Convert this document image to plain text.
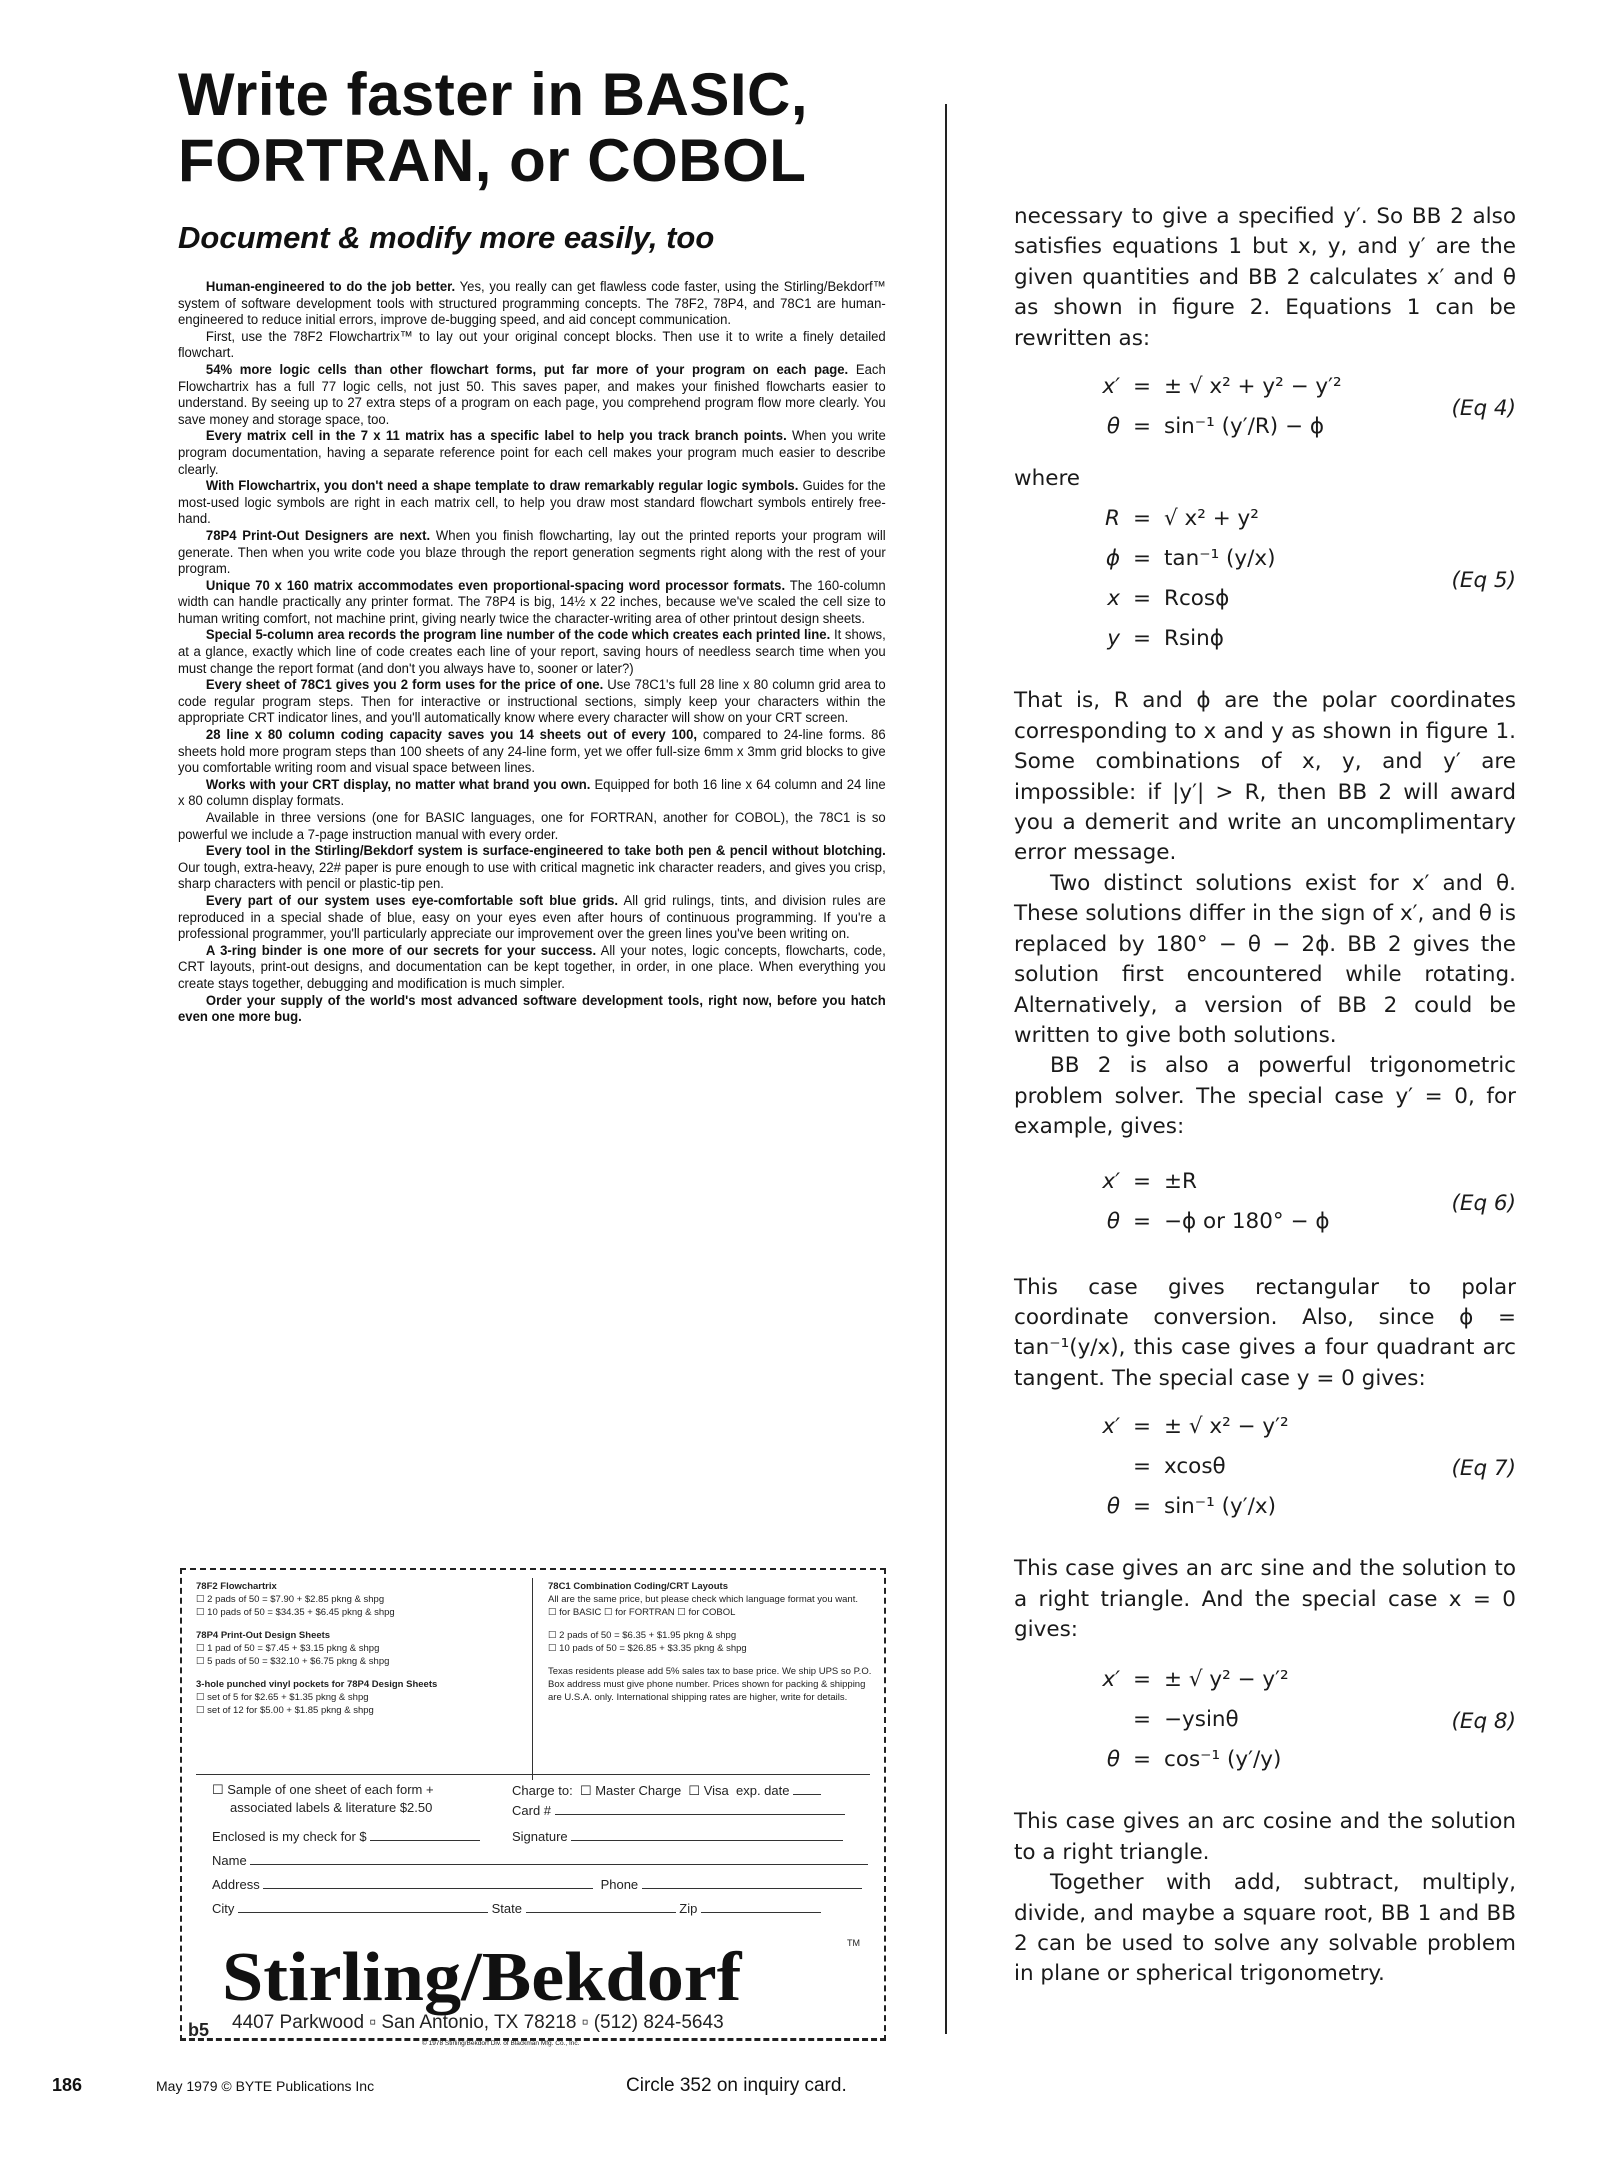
Write faster in BASIC,
FORTRAN, or COBOL
Document & modify more easily, too

Human-engineered to do the job better. Yes, you really can get flawless code faster, using the Stirling/Bekdorf™ system of software development tools with structured programming concepts. The 78F2, 78P4, and 78C1 are human-engineered to reduce initial errors, improve de-bugging speed, and aid concept communication.

First, use the 78F2 Flowchartrix™ to lay out your original concept blocks. Then use it to write a finely detailed flowchart.

54% more logic cells than other flowchart forms, put far more of your program on each page. Each Flowchartrix has a full 77 logic cells, not just 50. This saves paper, and makes your finished flowcharts easier to understand. By seeing up to 27 extra steps of a program on each page, you comprehend program flow more clearly. You save money and storage space, too.

Every matrix cell in the 7 x 11 matrix has a specific label to help you track branch points. When you write program documentation, having a separate reference point for each cell makes your program much easier to describe clearly.

With Flowchartrix, you don't need a shape template to draw remarkably regular logic symbols. Guides for the most-used logic symbols are right in each matrix cell, to help you draw most standard flowchart symbols entirely free-hand.

78P4 Print-Out Designers are next. When you finish flowcharting, lay out the printed reports your program will generate. Then when you write code you blaze through the report generation segments right along with the rest of your program.

Unique 70 x 160 matrix accommodates even proportional-spacing word processor formats. The 160-column width can handle practically any printer format. The 78P4 is big, 14½ x 22 inches, because we've scaled the cell size to human writing comfort, not machine print, giving nearly twice the character-writing area of other printout design sheets.

Special 5-column area records the program line number of the code which creates each printed line. It shows, at a glance, exactly which line of code creates each line of your report, saving hours of needless search time when you must change the report format (and don't you always have to, sooner or later?)

Every sheet of 78C1 gives you 2 form uses for the price of one. Use 78C1's full 28 line x 80 column grid area to code regular program steps. Then for interactive or instructional sections, simply keep your characters within the appropriate CRT indicator lines, and you'll automatically know where every character will show on your CRT screen.

28 line x 80 column coding capacity saves you 14 sheets out of every 100, compared to 24-line forms. 86 sheets hold more program steps than 100 sheets of any 24-line form, yet we offer full-size 6mm x 3mm grid blocks to give you comfortable writing room and visual space between lines.

Works with your CRT display, no matter what brand you own. Equipped for both 16 line x 64 column and 24 line x 80 column display formats.

Available in three versions (one for BASIC languages, one for FORTRAN, another for COBOL), the 78C1 is so powerful we include a 7-page instruction manual with every order.

Every tool in the Stirling/Bekdorf system is surface-engineered to take both pen & pencil without blotching. Our tough, extra-heavy, 22# paper is pure enough to use with critical magnetic ink character readers, and gives you crisp, sharp characters with pencil or plastic-tip pen.

Every part of our system uses eye-comfortable soft blue grids. All grid rulings, tints, and division rules are reproduced in a special shade of blue, easy on your eyes even after hours of continuous programming. If you're a professional programmer, you'll particularly appreciate our improvement over the green lines you've been writing on.

A 3-ring binder is one more of our secrets for your success. All your notes, logic concepts, flowcharts, code, CRT layouts, print-out designs, and documentation can be kept together, in order, in one place. When everything you create stays together, debugging and modification is much simpler.

Order your supply of the world's most advanced software development tools, right now, before you hatch even one more bug.

78F2 Flowchartrix
☐ 2 pads of 50 = $7.90 + $2.85 pkng & shpg
☐ 10 pads of 50 = $34.35 + $6.45 pkng & shpg
78P4 Print-Out Design Sheets
☐ 1 pad of 50 = $7.45 + $3.15 pkng & shpg
☐ 5 pads of 50 = $32.10 + $6.75 pkng & shpg
3-hole punched vinyl pockets for 78P4 Design Sheets
☐ set of 5 for $2.65 + $1.35 pkng & shpg
☐ set of 12 for $5.00 + $1.85 pkng & shpg
78C1 Combination Coding/CRT Layouts
All are the same price, but please check which language format you want.
☐ for BASIC ☐ for FORTRAN ☐ for COBOL
☐ 2 pads of 50 = $6.35 + $1.95 pkng & shpg
☐ 10 pads of 50 = $26.85 + $3.35 pkng & shpg
Texas residents please add 5% sales tax to base price. We ship UPS so P.O. Box address must give phone number. Prices shown for packing & shipping are U.S.A. only. International shipping rates are higher, write for details.
☐ Sample of one sheet of each form +
associated labels & literature $2.50
Charge to: ☐ Master Charge ☐ Visa exp. date
Card #
Enclosed is my check for $	Signature
Name
Address	Phone
City	State	Zip
Stirling/Bekdorf	TM
4407 Parkwood ▫ San Antonio, TX 78218 ▫ (512) 824-5643
© 1978 Stirling/Bekdorf Div. of Blackman Mfg. Co., Inc.
b5

necessary to give a specified y′. So BB 2 also satisfies equations 1 but x, y, and y′ are the given quantities and BB 2 calculates x′ and θ as shown in figure 2. Equations 1 can be rewritten as:

x′ = ± √ x² + y² − y′²
θ = sin⁻¹ (y′/R) − ϕ
(Eq 4)

where

R = √ x² + y²
ϕ = tan⁻¹ (y/x)
x = Rcosϕ
y = Rsinϕ
(Eq 5)

That is, R and ϕ are the polar coordinates corresponding to x and y as shown in figure 1. Some combinations of x, y, and y′ are impossible: if |y′| > R, then BB 2 will award you a demerit and write an uncomplimentary error message.

Two distinct solutions exist for x′ and θ. These solutions differ in the sign of x′, and θ is replaced by 180° − θ − 2ϕ. BB 2 gives the solution first encountered while rotating. Alternatively, a version of BB 2 could be written to give both solutions.

BB 2 is also a powerful trigonometric problem solver. The special case y′ = 0, for example, gives:

x′ = ±R
θ = −ϕ or 180° − ϕ
(Eq 6)

This case gives rectangular to polar coordinate conversion. Also, since ϕ = tan⁻¹(y/x), this case gives a four quadrant arc tangent. The special case y = 0 gives:

x′ = ± √ x² − y′²
= xcosθ
θ = sin⁻¹ (y′/x)
(Eq 7)

This case gives an arc sine and the solution to a right triangle. And the special case x = 0 gives:

x′ = ± √ y² − y′²
= −ysinθ
θ = cos⁻¹ (y′/y)
(Eq 8)

This case gives an arc cosine and the solution to a right triangle.

Together with add, subtract, multiply, divide, and maybe a square root, BB 1 and BB 2 can be used to solve any solvable problem in plane or spherical trigonometry.

186	May 1979 © BYTE Publications Inc	Circle 352 on inquiry card.
